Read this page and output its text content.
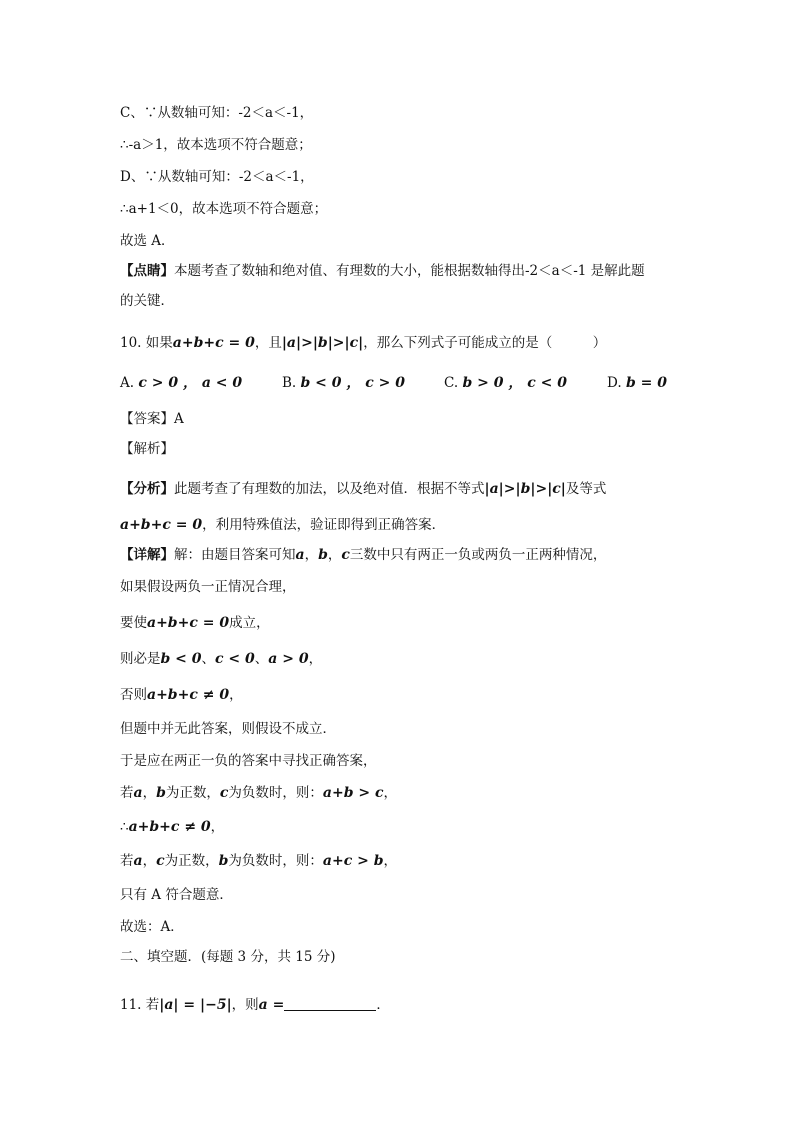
C、∵从数轴可知：-2＜a＜-1，
∴-a＞1，故本选项不符合题意；
D、∵从数轴可知：-2＜a＜-1，
∴a+1＜0，故本选项不符合题意；
故选 A．
【点睛】本题考查了数轴和绝对值、有理数的大小，能根据数轴得出-2＜a＜-1 是解此题
的关键．
10. 如果a+b+c = 0，且|a|>|b|>|c|，那么下列式子可能成立的是（　　　）
A. c > 0 ， a < 0	B. b < 0 ， c > 0	C. b > 0 ， c < 0	D. b = 0
【答案】A
【解析】
【分析】此题考查了有理数的加法，以及绝对值．根据不等式|a|>|b|>|c|及等式
a+b+c = 0，利用特殊值法，验证即得到正确答案．
【详解】解：由题目答案可知a，b，c三数中只有两正一负或两负一正两种情况，
如果假设两负一正情况合理，
要使a+b+c = 0成立，
则必是b < 0、c < 0、a > 0，
否则a+b+c ≠ 0，
但题中并无此答案，则假设不成立．
于是应在两正一负的答案中寻找正确答案，
若a，b为正数，c为负数时，则：a+b > c，
∴a+b+c ≠ 0，
若a，c为正数，b为负数时，则：a+c > b，
只有 A 符合题意．
故选：A．
二、填空题．(每题 3 分，共 15 分)
11. 若|a| = |−5|，则a =	．
